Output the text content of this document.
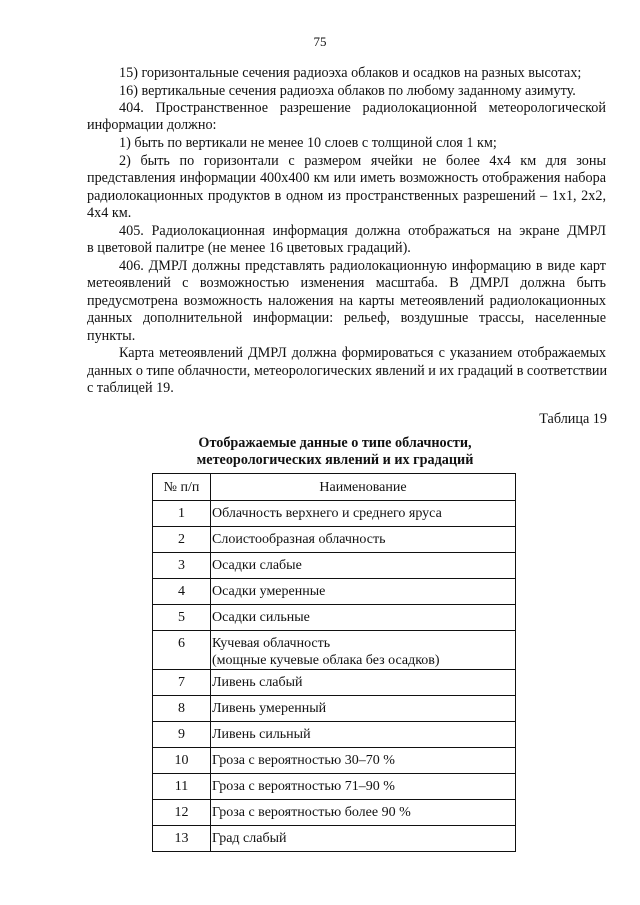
75
15) горизонтальные сечения радиоэха облаков и осадков на разных высотах;
16) вертикальные сечения радиоэха облаков по любому заданному азимуту.
404. Пространственное разрешение радиолокационной метеорологической
информации должно:
1) быть по вертикали не менее 10 слоев с толщиной слоя 1 км;
2) быть по горизонтали с размером ячейки не более 4х4 км для зоны
представления информации 400х400 км или иметь возможность отображения набора
радиолокационных продуктов в одном из пространственных разрешений – 1х1, 2х2,
4х4 км.
405. Радиолокационная информация должна отображаться на экране ДМРЛ
в цветовой палитре (не менее 16 цветовых градаций).
406. ДМРЛ должны представлять радиолокационную информацию в виде карт
метеоявлений с возможностью изменения масштаба. В ДМРЛ должна быть
предусмотрена возможность наложения на карты метеоявлений радиолокационных
данных дополнительной информации: рельеф, воздушные трассы, населенные
пункты.
Карта метеоявлений ДМРЛ должна формироваться с указанием отображаемых
данных о типе облачности, метеорологических явлений и их градаций в соответствии
с таблицей 19.
Таблица 19
Отображаемые данные о типе облачности,
метеорологических явлений и их градаций
№ п/п	Наименование
1	Облачность верхнего и среднего яруса
2	Слоистообразная облачность
3	Осадки слабые
4	Осадки умеренные
5	Осадки сильные
6	Кучевая облачность
(мощные кучевые облака без осадков)

7	Ливень слабый
8	Ливень умеренный
9	Ливень сильный
10	Гроза с вероятностью 30–70 %
11	Гроза с вероятностью 71–90 %
12	Гроза с вероятностью более 90 %
13	Град слабый
